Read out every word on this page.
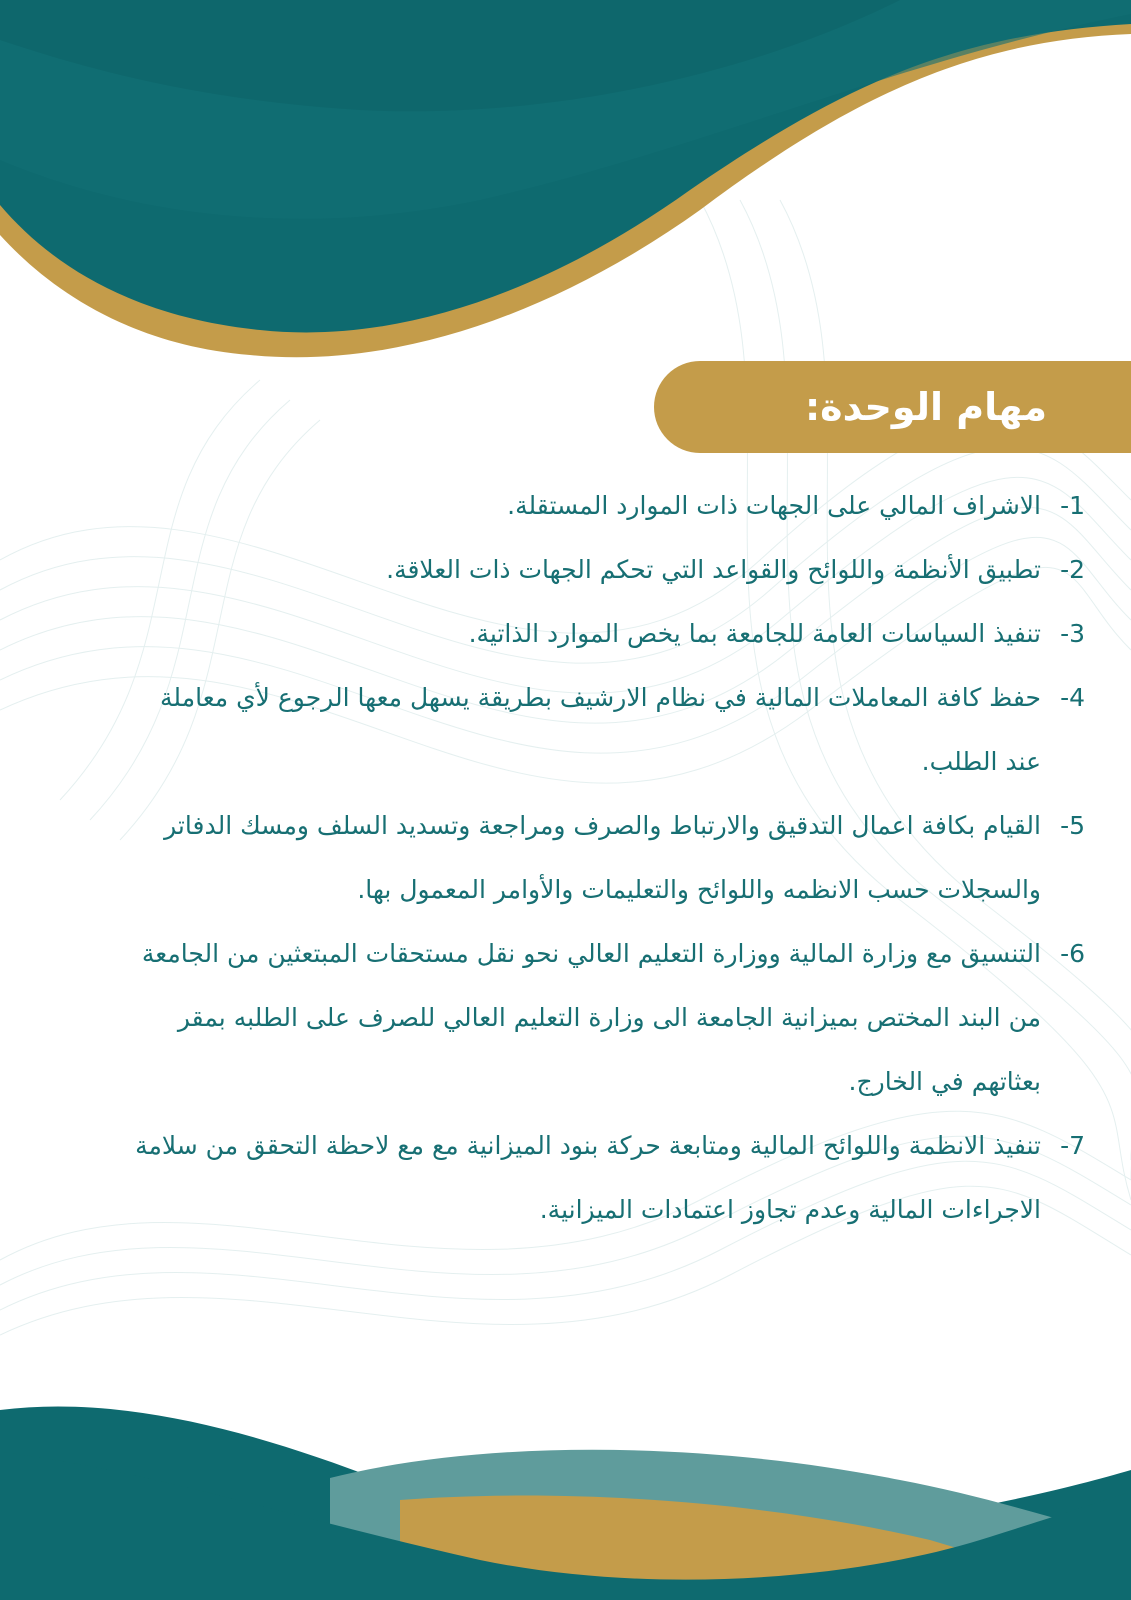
مهام الوحدة:
-1
الاشراف المالي على الجهات ذات الموارد المستقلة.
-2
تطبيق الأنظمة واللوائح والقواعد التي تحكم الجهات ذات العلاقة.
-3
تنفيذ السياسات العامة للجامعة بما يخص الموارد الذاتية.
-4
حفظ كافة المعاملات المالية في نظام الارشيف بطريقة يسهل معها الرجوع لأي معاملة عند الطلب.
-5
القيام بكافة اعمال التدقيق والارتباط والصرف ومراجعة وتسديد السلف ومسك الدفاتر والسجلات حسب الانظمه واللوائح والتعليمات والأوامر المعمول بها.
-6
التنسيق مع وزارة المالية ووزارة التعليم العالي نحو نقل مستحقات المبتعثين من الجامعة من البند المختص بميزانية الجامعة الى وزارة التعليم العالي للصرف على الطلبه بمقر بعثاتهم في الخارج.
-7
تنفيذ الانظمة واللوائح المالية ومتابعة حركة بنود الميزانية مع مع لاحظة التحقق من سلامة الاجراءات المالية وعدم تجاوز اعتمادات الميزانية.
